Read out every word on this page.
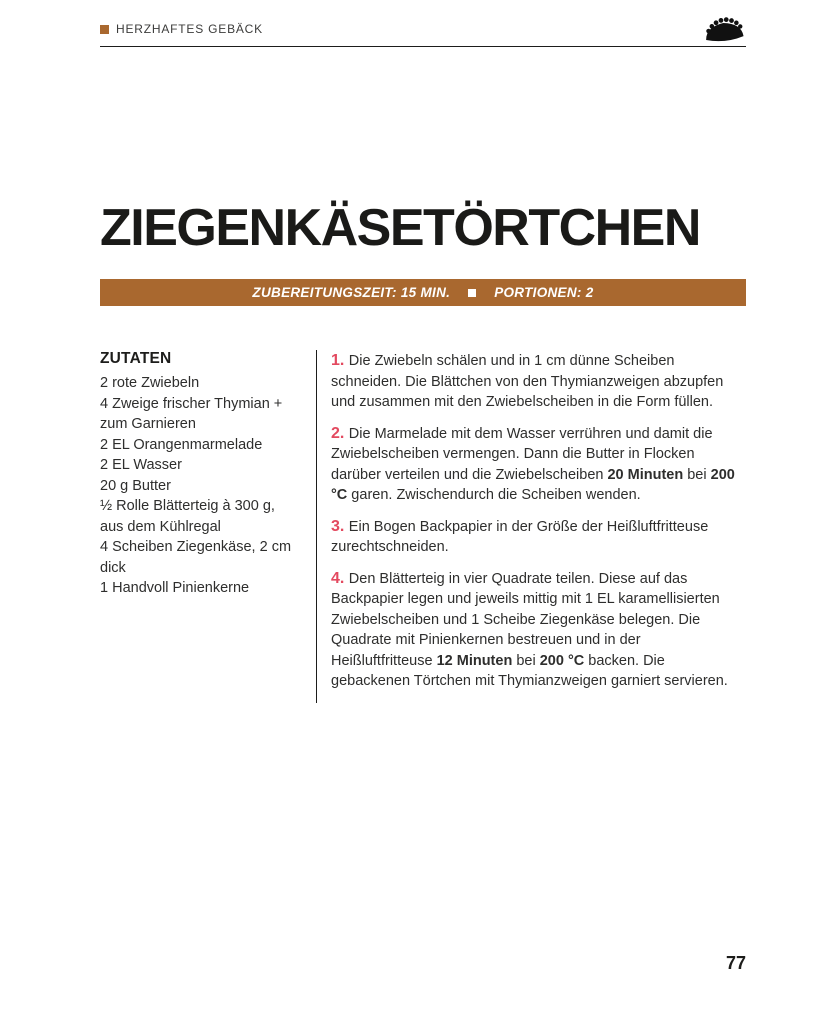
HERZHAFTES GEBÄCK
ZIEGENKÄSETÖRTCHEN
ZUBEREITUNGSZEIT: 15 MIN.	PORTIONEN: 2
ZUTATEN
2 rote Zwiebeln
4 Zweige frischer Thymian + zum Garnieren
2 EL Orangenmarmelade
2 EL Wasser
20 g Butter
½ Rolle Blätterteig à 300 g, aus dem Kühlregal
4 Scheiben Ziegenkäse, 2 cm dick
1 Handvoll Pinienkerne

1. Die Zwiebeln schälen und in 1 cm dünne Scheiben schneiden. Die Blättchen von den Thymianzweigen abzupfen und zusammen mit den Zwiebelscheiben in die Form füllen.

2. Die Marmelade mit dem Wasser verrühren und damit die Zwiebelscheiben vermengen. Dann die Butter in Flocken darüber verteilen und die Zwiebelscheiben 20 Minuten bei 200 °C garen. Zwischendurch die Scheiben wenden.

3. Ein Bogen Backpapier in der Größe der Heißluftfritteuse zurechtschneiden.

4. Den Blätterteig in vier Quadrate teilen. Diese auf das Backpapier legen und jeweils mittig mit 1 EL karamellisierten Zwiebelscheiben und 1 Scheibe Ziegenkäse belegen. Die Quadrate mit Pinienkernen bestreuen und in der Heißluftfritteuse 12 Minuten bei 200 °C backen. Die gebackenen Törtchen mit Thymianzweigen garniert servieren.

77
